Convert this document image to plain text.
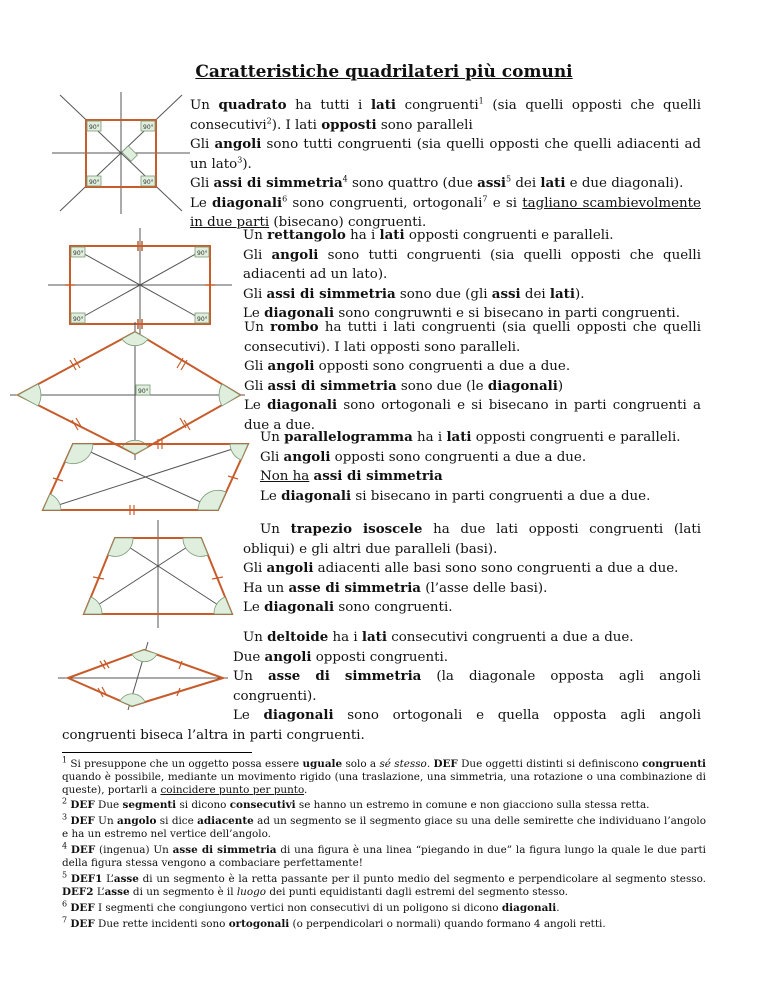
Caratteristiche quadrilateri più comuni
90°	90°
90°	90°
Un quadrato ha tutti i lati congruenti$^1$ (sia quelli opposti che quelli consecutivi$^2$). I lati opposti sono paralleli
Gli angoli sono tutti congruenti (sia quelli opposti che quelli adiacenti ad un lato$^3$).
Gli assi di simmetria$^4$ sono quattro (due assi$^5$ dei lati e due diagonali).
Le diagonali$^6$ sono congruenti, ortogonali$^7$ e si tagliano scambievolmente in due parti (bisecano) congruenti.
90°	90°
90°	90°
Un rettangolo ha i lati opposti congruenti e paralleli.
Gli angoli sono tutti congruenti (sia quelli opposti che quelli adiacenti ad un lato).
Gli assi di simmetria sono due (gli assi dei lati).
Le diagonali sono congruwnti e si bisecano in parti congruenti.
90°
Un rombo ha tutti i lati congruenti (sia quelli opposti che quelli consecutivi). I lati opposti sono paralleli.
Gli angoli opposti sono congruenti a due a due.
Gli assi di simmetria sono due (le diagonali)
Le diagonali sono ortogonali e si bisecano in parti congruenti a due a due.
Un parallelogramma ha i lati opposti congruenti e paralleli.
Gli angoli opposti sono congruenti a due a due.
Non ha assi di simmetria
Le diagonali si bisecano in parti congruenti a due a due.
Un trapezio isoscele ha due lati opposti congruenti (lati obliqui) e gli altri due paralleli (basi).
Gli angoli adiacenti alle basi sono sono congruenti a due a due.
Ha un asse di simmetria (l’asse delle basi).
Le diagonali sono congruenti.
Un deltoide ha i lati consecutivi congruenti a due a due.
Due angoli opposti congruenti.
Un asse di simmetria (la diagonale opposta agli angoli
congruenti).
Le diagonali sono ortogonali e quella opposta agli angoli
congruenti biseca l’altra in parti congruenti.
$^1$ Si presuppone che un oggetto possa essere uguale solo a sé stesso. DEF Due oggetti distinti si definiscono congruenti quando è possibile, mediante un movimento rigido (una traslazione, una simmetria, una rotazione o una combinazione di queste), portarli a coincidere punto per punto.
$^2$ DEF Due segmenti si dicono consecutivi se hanno un estremo in comune e non giacciono sulla stessa retta.
$^3$ DEF Un angolo si dice adiacente ad un segmento se il segmento giace su una delle semirette che individuano l’angolo e ha un estremo nel vertice dell’angolo.
$^4$ DEF (ingenua) Un asse di simmetria di una figura è una linea “piegando in due” la figura lungo la quale le due parti della figura stessa vengono a combaciare perfettamente!
$^5$ DEF1 L’asse di un segmento è la retta passante per il punto medio del segmento e perpendicolare al segmento stesso. DEF2 L’asse di un segmento è il luogo dei punti equidistanti dagli estremi del segmento stesso.
$^6$ DEF I segmenti che congiungono vertici non consecutivi di un poligono si dicono diagonali.
$^7$ DEF Due rette incidenti sono ortogonali (o perpendicolari o normali) quando formano 4 angoli retti.
